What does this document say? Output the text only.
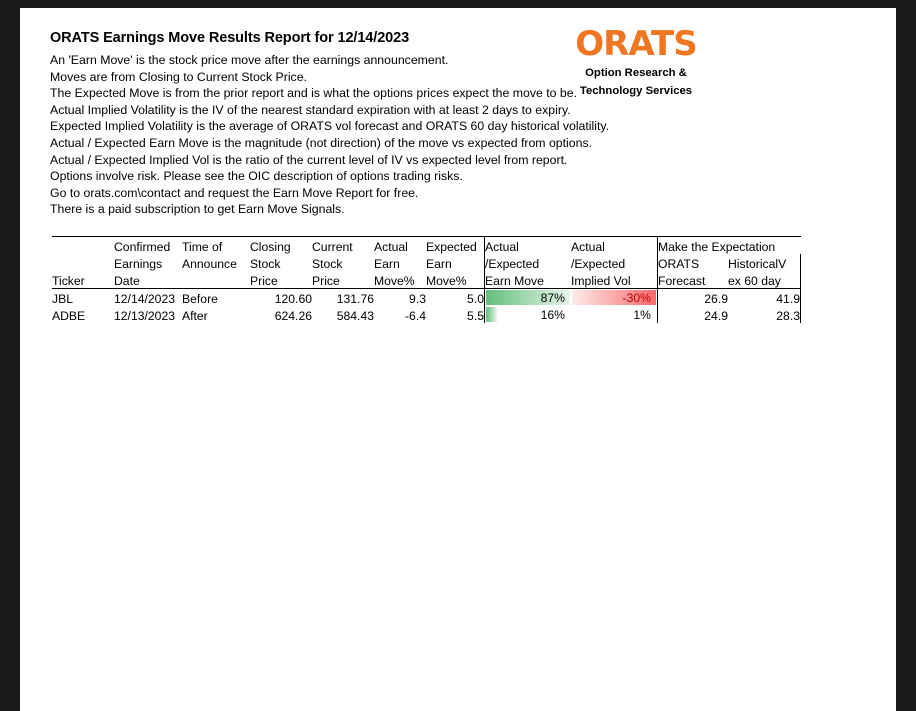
ORATS
Option Research &
Technology Services
ORATS Earnings Move Results Report for 12/14/2023
An 'Earn Move' is the stock price move after the earnings announcement.
Moves are from Closing to Current Stock Price.
The Expected Move is from the prior report and is what the options prices expect the move to be.
Actual Implied Volatility is the IV of the nearest standard expiration with at least 2 days to expiry.
Expected Implied Volatility is the average of ORATS vol forecast and ORATS 60 day historical volatility.
Actual / Expected Earn Move is the magnitude (not direction) of the move vs expected from options.
Actual / Expected Implied Vol is the ratio of the current level of IV vs expected level from report.
Options involve risk. Please see the OIC description of options trading risks.
Go to orats.com\contact and request the Earn Move Report for free.
There is a paid subscription to get Earn Move Signals.
	Confirmed	Time of	Closing	Current	Actual	Expected	Actual	Actual	Make the Expectation	
	Earnings	Announce	Stock	Stock	Earn	Earn	/Expected	/Expected	ORATS	HistoricalV
Ticker	Date		Price	Price	Move%	Move%	Earn Move	Implied Vol	Forecast	ex 60 day
JBL	12/14/2023	Before	120.60	131.76	9.3	5.0	87%	-30%	26.9	41.9
ADBE	12/13/2023	After	624.26	584.43	-6.4	5.5	16%	1%	24.9	28.3
